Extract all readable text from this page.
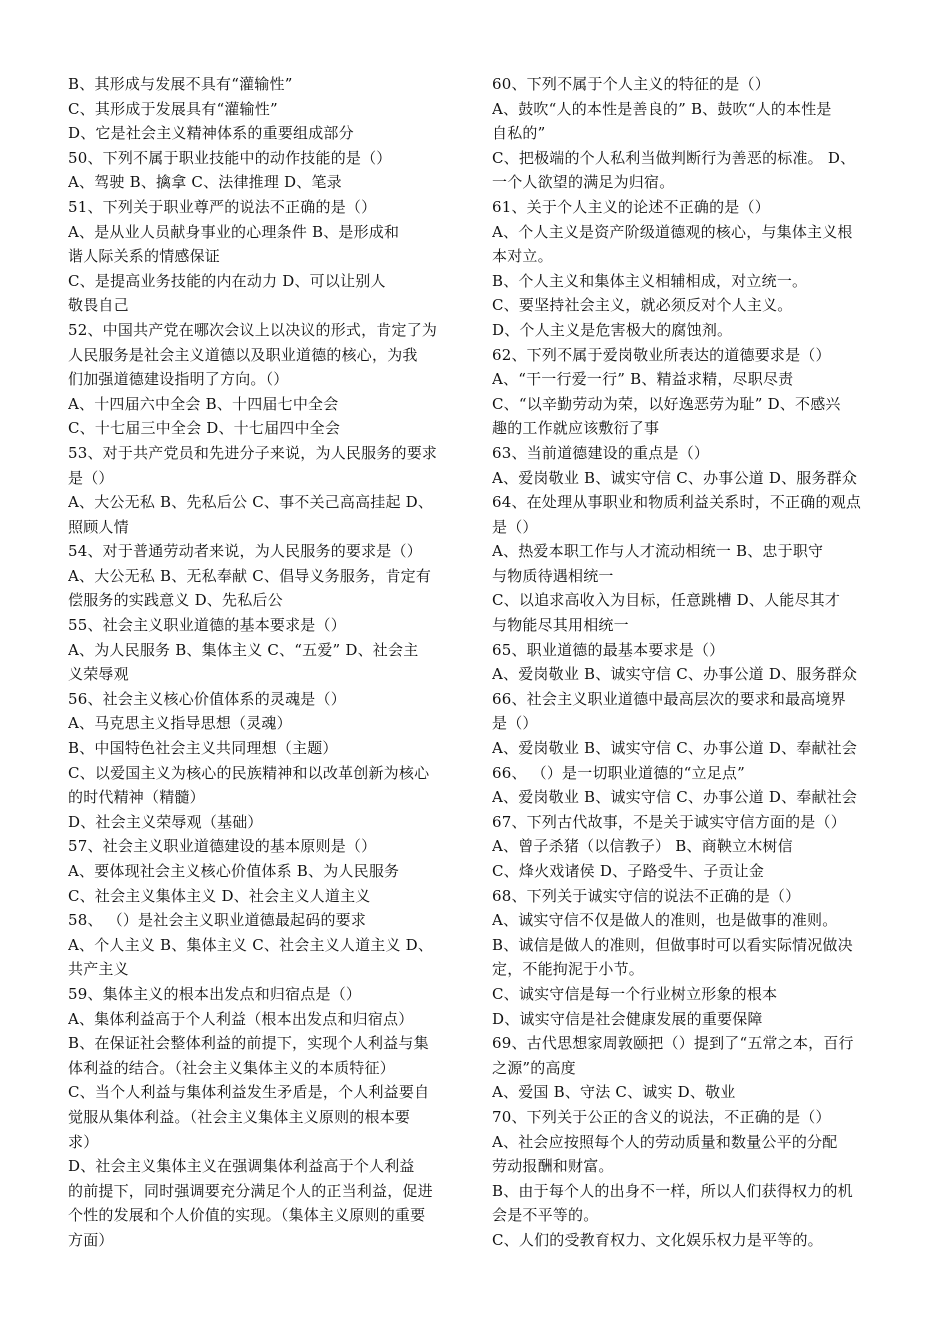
B、其形成与发展不具有“灌输性”
C、其形成于发展具有“灌输性”
D、它是社会主义精神体系的重要组成部分
50、下列不属于职业技能中的动作技能的是（）
A、驾驶 B、擒拿 C、法律推理 D、笔录
51、下列关于职业尊严的说法不正确的是（）
A、是从业人员献身事业的心理条件 B、是形成和
谐人际关系的情感保证
C、是提高业务技能的内在动力 D、可以让别人
敬畏自己
52、中国共产党在哪次会议上以决议的形式，肯定了为
人民服务是社会主义道德以及职业道德的核心，为我
们加强道德建设指明了方向。（）
A、十四届六中全会 B、十四届七中全会
C、十七届三中全会 D、十七届四中全会
53、对于共产党员和先进分子来说，为人民服务的要求
是（）
A、大公无私 B、先私后公 C、事不关己高高挂起 D、
照顾人情
54、对于普通劳动者来说，为人民服务的要求是（）
A、大公无私 B、无私奉献 C、倡导义务服务，肯定有
偿服务的实践意义 D、先私后公
55、社会主义职业道德的基本要求是（）
A、为人民服务 B、集体主义 C、“五爱” D、社会主
义荣辱观
56、社会主义核心价值体系的灵魂是（）
A、马克思主义指导思想（灵魂）
B、中国特色社会主义共同理想（主题）
C、以爱国主义为核心的民族精神和以改革创新为核心
的时代精神（精髓）
D、社会主义荣辱观（基础）
57、社会主义职业道德建设的基本原则是（）
A、要体现社会主义核心价值体系 B、为人民服务
C、社会主义集体主义 D、社会主义人道主义
58、 （）是社会主义职业道德最起码的要求
A、个人主义 B、集体主义 C、社会主义人道主义 D、
共产主义
59、集体主义的根本出发点和归宿点是（）
A、集体利益高于个人利益（根本出发点和归宿点）
B、在保证社会整体利益的前提下，实现个人利益与集
体利益的结合。（社会主义集体主义的本质特征）
C、当个人利益与集体利益发生矛盾是，个人利益要自
觉服从集体利益。（社会主义集体主义原则的根本要
求）
D、社会主义集体主义在强调集体利益高于个人利益
的前提下，同时强调要充分满足个人的正当利益，促进
个性的发展和个人价值的实现。（集体主义原则的重要
方面）
60、下列不属于个人主义的特征的是（）
A、鼓吹“人的本性是善良的” B、鼓吹“人的本性是
自私的”
C、把极端的个人私利当做判断行为善恶的标准。 D、
一个人欲望的满足为归宿。
61、关于个人主义的论述不正确的是（）
A、个人主义是资产阶级道德观的核心，与集体主义根
本对立。
B、个人主义和集体主义相辅相成，对立统一。
C、要坚持社会主义，就必须反对个人主义。
D、个人主义是危害极大的腐蚀剂。
62、下列不属于爱岗敬业所表达的道德要求是（）
A、“干一行爱一行” B、精益求精，尽职尽责
C、“以辛勤劳动为荣，以好逸恶劳为耻” D、不感兴
趣的工作就应该敷衍了事
63、当前道德建设的重点是（）
A、爱岗敬业 B、诚实守信 C、办事公道 D、服务群众
64、在处理从事职业和物质利益关系时，不正确的观点
是（）
A、热爱本职工作与人才流动相统一 B、忠于职守
与物质待遇相统一
C、以追求高收入为目标，任意跳槽 D、人能尽其才
与物能尽其用相统一
65、职业道德的最基本要求是（）
A、爱岗敬业 B、诚实守信 C、办事公道 D、服务群众
66、社会主义职业道德中最高层次的要求和最高境界
是（）
A、爱岗敬业 B、诚实守信 C、办事公道 D、奉献社会
66、 （）是一切职业道德的“立足点”
A、爱岗敬业 B、诚实守信 C、办事公道 D、奉献社会
67、下列古代故事，不是关于诚实守信方面的是（）
A、曾子杀猪（以信教子） B、商鞅立木树信
C、烽火戏诸侯 D、子路受牛、子贡让金
68、下列关于诚实守信的说法不正确的是（）
A、诚实守信不仅是做人的准则，也是做事的准则。
B、诚信是做人的准则，但做事时可以看实际情况做决
定，不能拘泥于小节。
C、诚实守信是每一个行业树立形象的根本
D、诚实守信是社会健康发展的重要保障
69、古代思想家周敦颐把（）提到了“五常之本，百行
之源”的高度
A、爱国 B、守法 C、诚实 D、敬业
70、下列关于公正的含义的说法，不正确的是（）
A、社会应按照每个人的劳动质量和数量公平的分配
劳动报酬和财富。
B、由于每个人的出身不一样，所以人们获得权力的机
会是不平等的。
C、人们的受教育权力、文化娱乐权力是平等的。
